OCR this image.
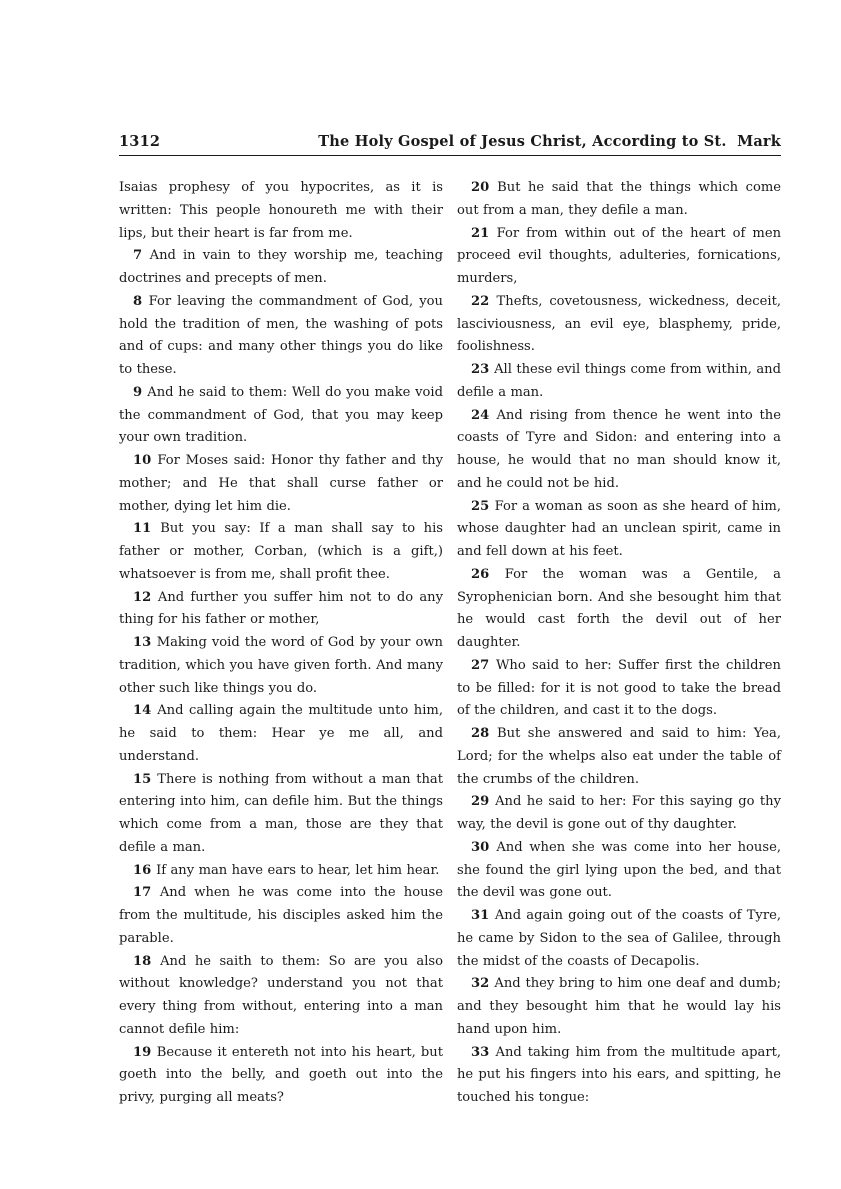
1312	The Holy Gospel of Jesus Christ, According to St.  Mark

Isaias prophesy of you hypocrites, as it is written: This people honoureth me with their lips, but their heart is far from me.

7 And in vain to they worship me, teaching doctrines and precepts of men.

8 For leaving the commandment of God, you hold the tradition of men, the washing of pots and of cups: and many other things you do like to these.

9 And he said to them: Well do you make void the commandment of God, that you may keep your own tradition.

10 For Moses said: Honor thy father and thy mother; and He that shall curse father or mother, dying let him die.

11 But you say: If a man shall say to his father or mother, Corban, (which is a gift,) whatsoever is from me, shall profit thee.

12 And further you suffer him not to do any thing for his father or mother,

13 Making void the word of God by your own tradition, which you have given forth. And many other such like things you do.

14 And calling again the multitude unto him, he said to them: Hear ye me all, and understand.

15 There is nothing from without a man that entering into him, can defile him. But the things which come from a man, those are they that defile a man.

16 If any man have ears to hear, let him hear.

17 And when he was come into the house from the multitude, his disciples asked him the parable.

18 And he saith to them: So are you also without knowledge? understand you not that every thing from without, entering into a man cannot defile him:

19 Because it entereth not into his heart, but goeth into the belly, and goeth out into the privy, purging all meats?

20 But he said that the things which come out from a man, they defile a man.

21 For from within out of the heart of men proceed evil thoughts, adulteries, fornications, murders,

22 Thefts, covetousness, wickedness, deceit, lasciviousness, an evil eye, blasphemy, pride, foolishness.

23 All these evil things come from within, and defile a man.

24 And rising from thence he went into the coasts of Tyre and Sidon: and entering into a house, he would that no man should know it, and he could not be hid.

25 For a woman as soon as she heard of him, whose daughter had an unclean spirit, came in and fell down at his feet.

26 For the woman was a Gentile, a Syrophenician born. And she besought him that he would cast forth the devil out of her daughter.

27 Who said to her: Suffer first the children to be filled: for it is not good to take the bread of the children, and cast it to the dogs.

28 But she answered and said to him: Yea, Lord; for the whelps also eat under the table of the crumbs of the children.

29 And he said to her: For this saying go thy way, the devil is gone out of thy daughter.

30 And when she was come into her house, she found the girl lying upon the bed, and that the devil was gone out.

31 And again going out of the coasts of Tyre, he came by Sidon to the sea of Galilee, through the midst of the coasts of Decapolis.

32 And they bring to him one deaf and dumb; and they besought him that he would lay his hand upon him.

33 And taking him from the multitude apart, he put his fingers into his ears, and spitting, he touched his tongue:
